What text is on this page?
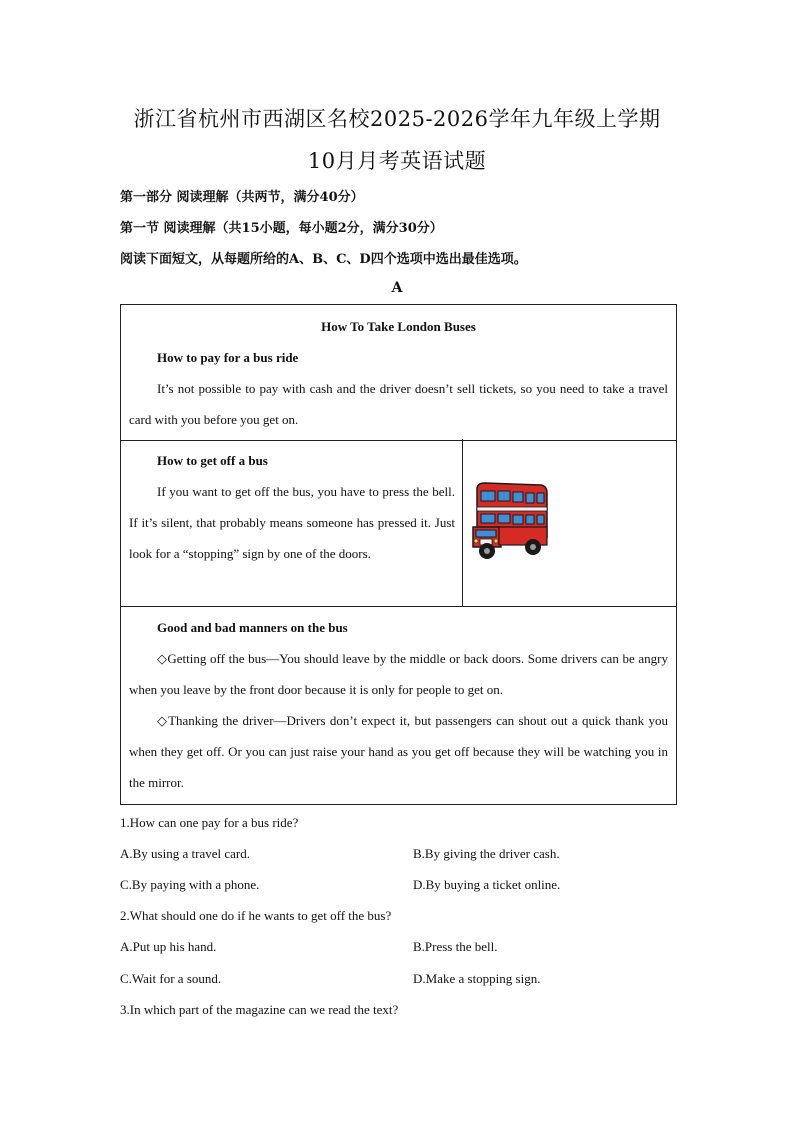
浙江省杭州市西湖区名校2025-2026学年九年级上学期
10月月考英语试题
第一部分 阅读理解（共两节，满分40分）
第一节 阅读理解（共15小题，每小题2分，满分30分）
阅读下面短文，从每题所给的A、B、C、D四个选项中选出最佳选项。
A
How To Take London Buses
How to pay for a bus ride
It’s not possible to pay with cash and the driver doesn’t sell tickets, so you need to take a travel card with you before you get on.
How to get off a bus
If you want to get off the bus, you have to press the bell. If it’s silent, that probably means someone has pressed it. Just look for a “stopping” sign by one of the doors.
Good and bad manners on the bus
◇Getting off the bus—You should leave by the middle or back doors. Some drivers can be angry when you leave by the front door because it is only for people to get on.
◇Thanking the driver—Drivers don’t expect it, but passengers can shout out a quick thank you when they get off. Or you can just raise your hand as you get off because they will be watching you in the mirror.
1.How can one pay for a bus ride?
A.By using a travel card.	B.By giving the driver cash.
C.By paying with a phone.	D.By buying a ticket online.
2.What should one do if he wants to get off the bus?
A.Put up his hand.	B.Press the bell.
C.Wait for a sound.	D.Make a stopping sign.
3.In which part of the magazine can we read the text?
